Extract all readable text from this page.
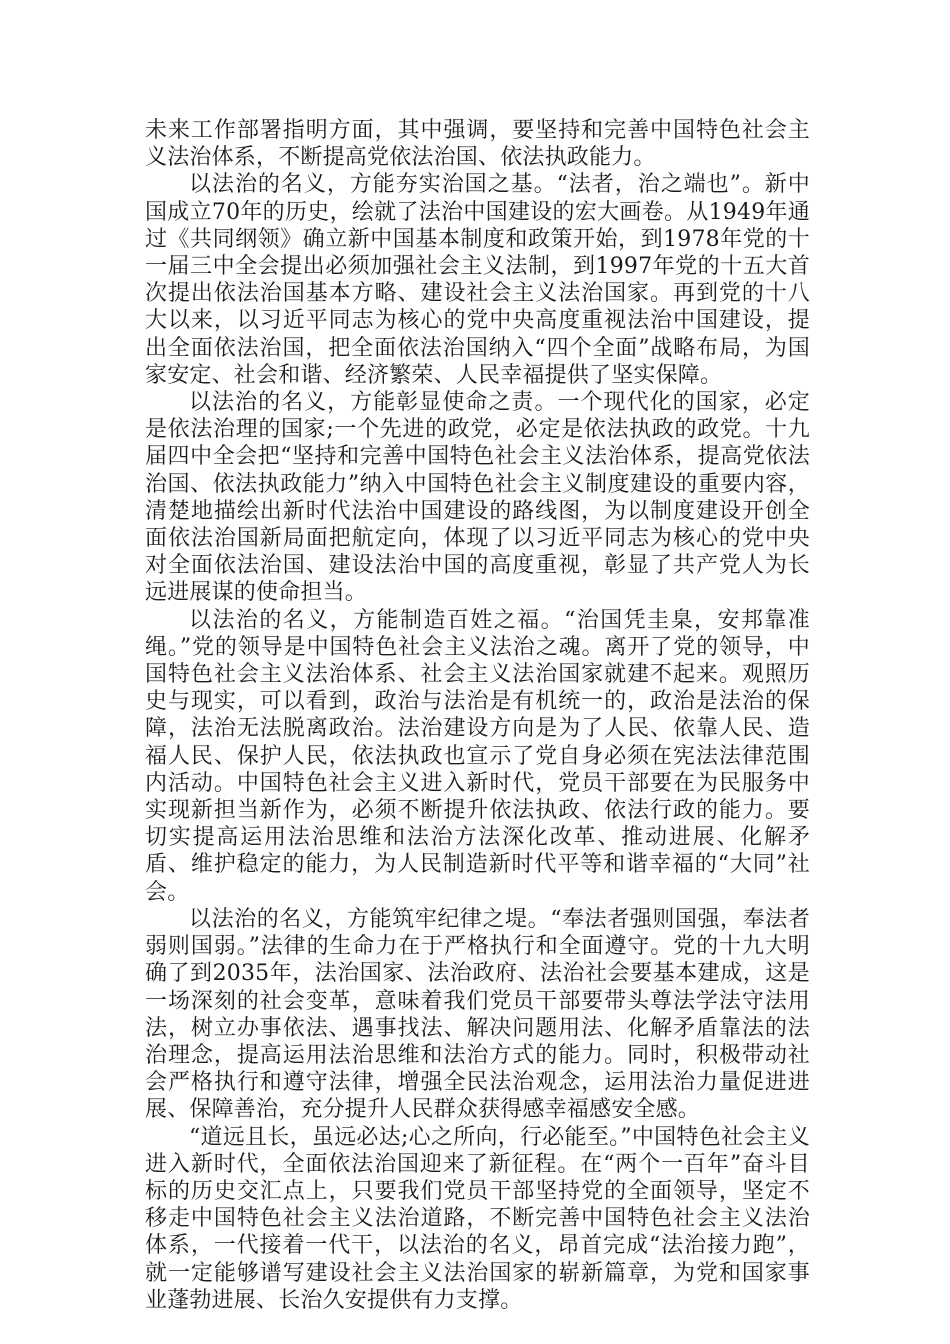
未来工作部署指明方面，其中强调，要坚持和完善中国特色社会主义法治体系，不断提高党依法治国、依法执政能力。

以法治的名义，方能夯实治国之基。“法者，治之端也”。新中国成立70年的历史，绘就了法治中国建设的宏大画卷。从1949年通过《共同纲领》确立新中国基本制度和政策开始，到1978年党的十一届三中全会提出必须加强社会主义法制，到1997年党的十五大首次提出依法治国基本方略、建设社会主义法治国家。再到党的十八大以来，以习近平同志为核心的党中央高度重视法治中国建设，提出全面依法治国，把全面依法治国纳入“四个全面”战略布局，为国家安定、社会和谐、经济繁荣、人民幸福提供了坚实保障。

以法治的名义，方能彰显使命之责。一个现代化的国家，必定是依法治理的国家;一个先进的政党，必定是依法执政的政党。十九届四中全会把“坚持和完善中国特色社会主义法治体系，提高党依法治国、依法执政能力”纳入中国特色社会主义制度建设的重要内容，清楚地描绘出新时代法治中国建设的路线图，为以制度建设开创全面依法治国新局面把航定向，体现了以习近平同志为核心的党中央对全面依法治国、建设法治中国的高度重视，彰显了共产党人为长远进展谋的使命担当。

以法治的名义，方能制造百姓之福。“治国凭圭臬，安邦靠准绳。”党的领导是中国特色社会主义法治之魂。离开了党的领导，中国特色社会主义法治体系、社会主义法治国家就建不起来。观照历史与现实，可以看到，政治与法治是有机统一的，政治是法治的保障，法治无法脱离政治。法治建设方向是为了人民、依靠人民、造福人民、保护人民，依法执政也宣示了党自身必须在宪法法律范围内活动。中国特色社会主义进入新时代，党员干部要在为民服务中实现新担当新作为，必须不断提升依法执政、依法行政的能力。要切实提高运用法治思维和法治方法深化改革、推动进展、化解矛盾、维护稳定的能力，为人民制造新时代平等和谐幸福的“大同”社会。

以法治的名义，方能筑牢纪律之堤。“奉法者强则国强，奉法者弱则国弱。”法律的生命力在于严格执行和全面遵守。党的十九大明确了到2035年，法治国家、法治政府、法治社会要基本建成，这是一场深刻的社会变革，意味着我们党员干部要带头尊法学法守法用法，树立办事依法、遇事找法、解决问题用法、化解矛盾靠法的法治理念，提高运用法治思维和法治方式的能力。同时，积极带动社会严格执行和遵守法律，增强全民法治观念，运用法治力量促进进展、保障善治，充分提升人民群众获得感幸福感安全感。

“道远且长，虽远必达;心之所向，行必能至。”中国特色社会主义进入新时代，全面依法治国迎来了新征程。在“两个一百年”奋斗目标的历史交汇点上，只要我们党员干部坚持党的全面领导，坚定不移走中国特色社会主义法治道路，不断完善中国特色社会主义法治体系，一代接着一代干，以法治的名义，昂首完成“法治接力跑”，就一定能够谱写建设社会主义法治国家的崭新篇章，为党和国家事业蓬勃进展、长治久安提供有力支撑。
